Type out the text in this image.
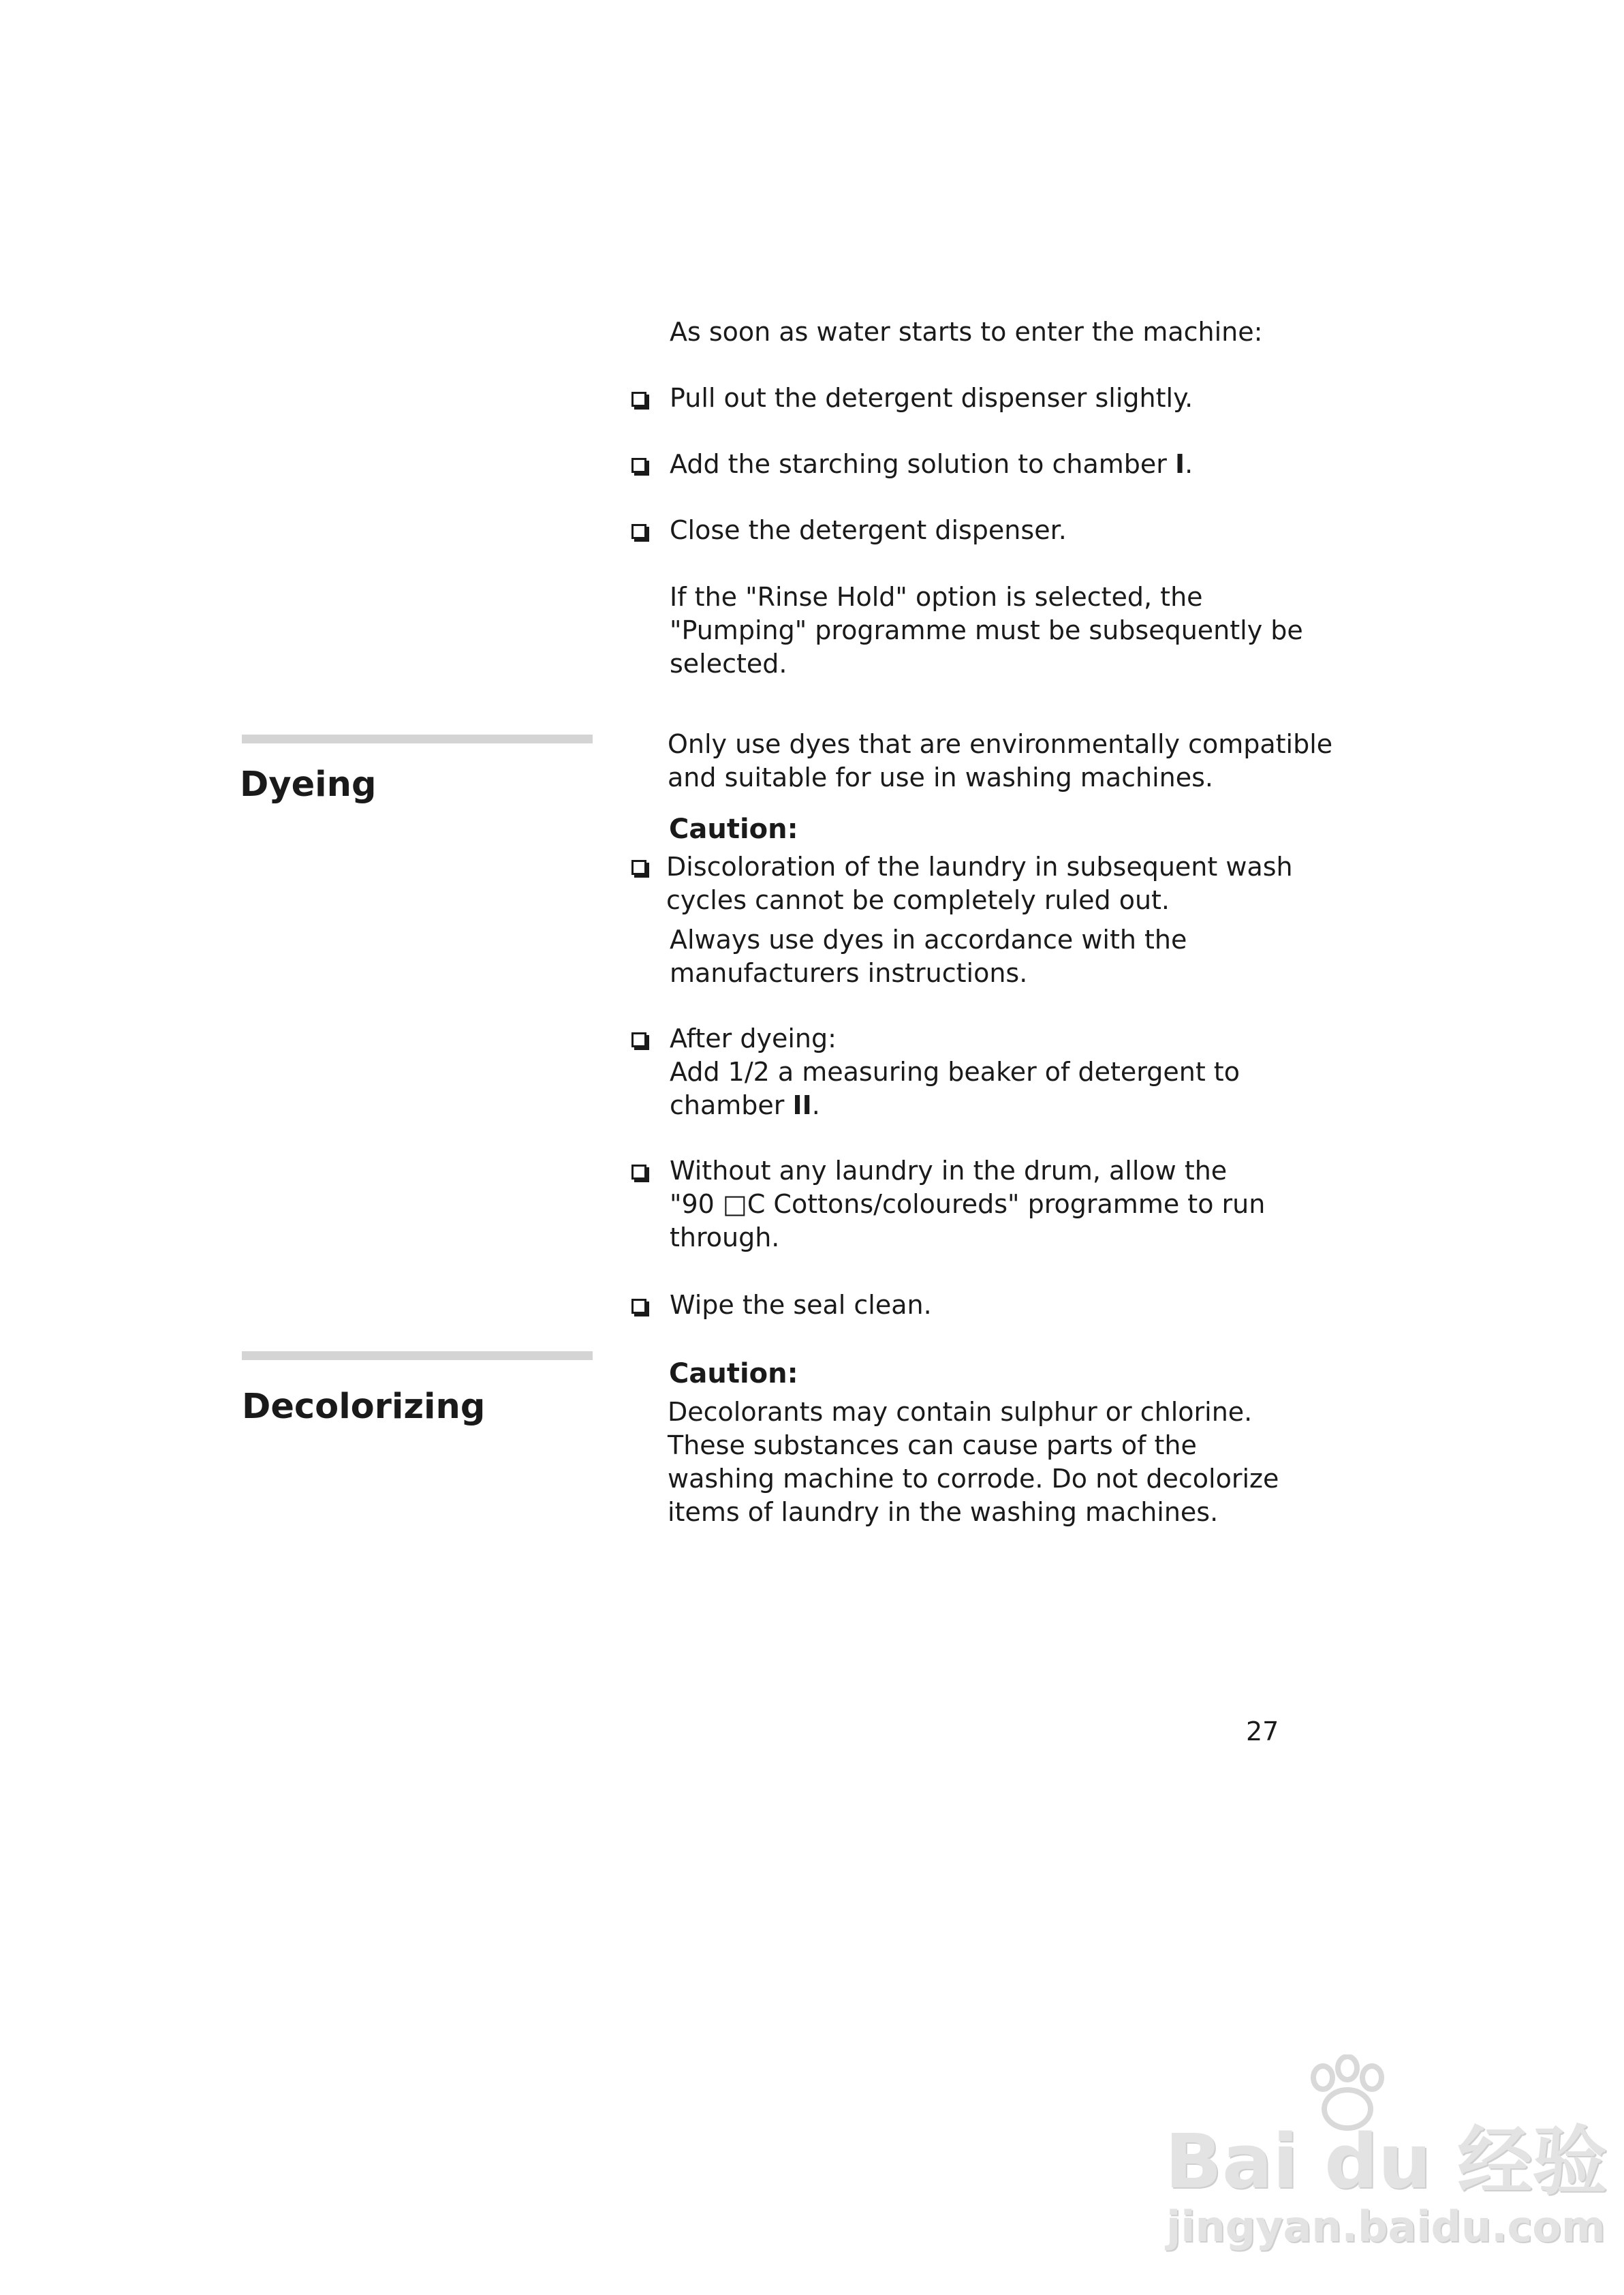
As soon as water starts to enter the machine:
Pull out the detergent dispenser slightly.
Add the starching solution to chamber I.
Close the detergent dispenser.
If the "Rinse Hold" option is selected, the
"Pumping" programme must be subsequently be
selected.
Dyeing
Only use dyes that are environmentally compatible
and suitable for use in washing machines.
Caution:
Discoloration of the laundry in subsequent wash
cycles cannot be completely ruled out.
Always use dyes in accordance with the
manufacturers instructions.
After dyeing:
Add 1/2 a measuring beaker of detergent to
chamber II.
Without any laundry in the drum, allow the
"90 □C Cottons/coloureds" programme to run
through.
Wipe the seal clean.
Decolorizing
Caution:
Decolorants may contain sulphur or chlorine.
These substances can cause parts of the
washing machine to corrode. Do not decolorize
items of laundry in the washing machines.
27
Bai du 经验
jingyan.baidu.com
